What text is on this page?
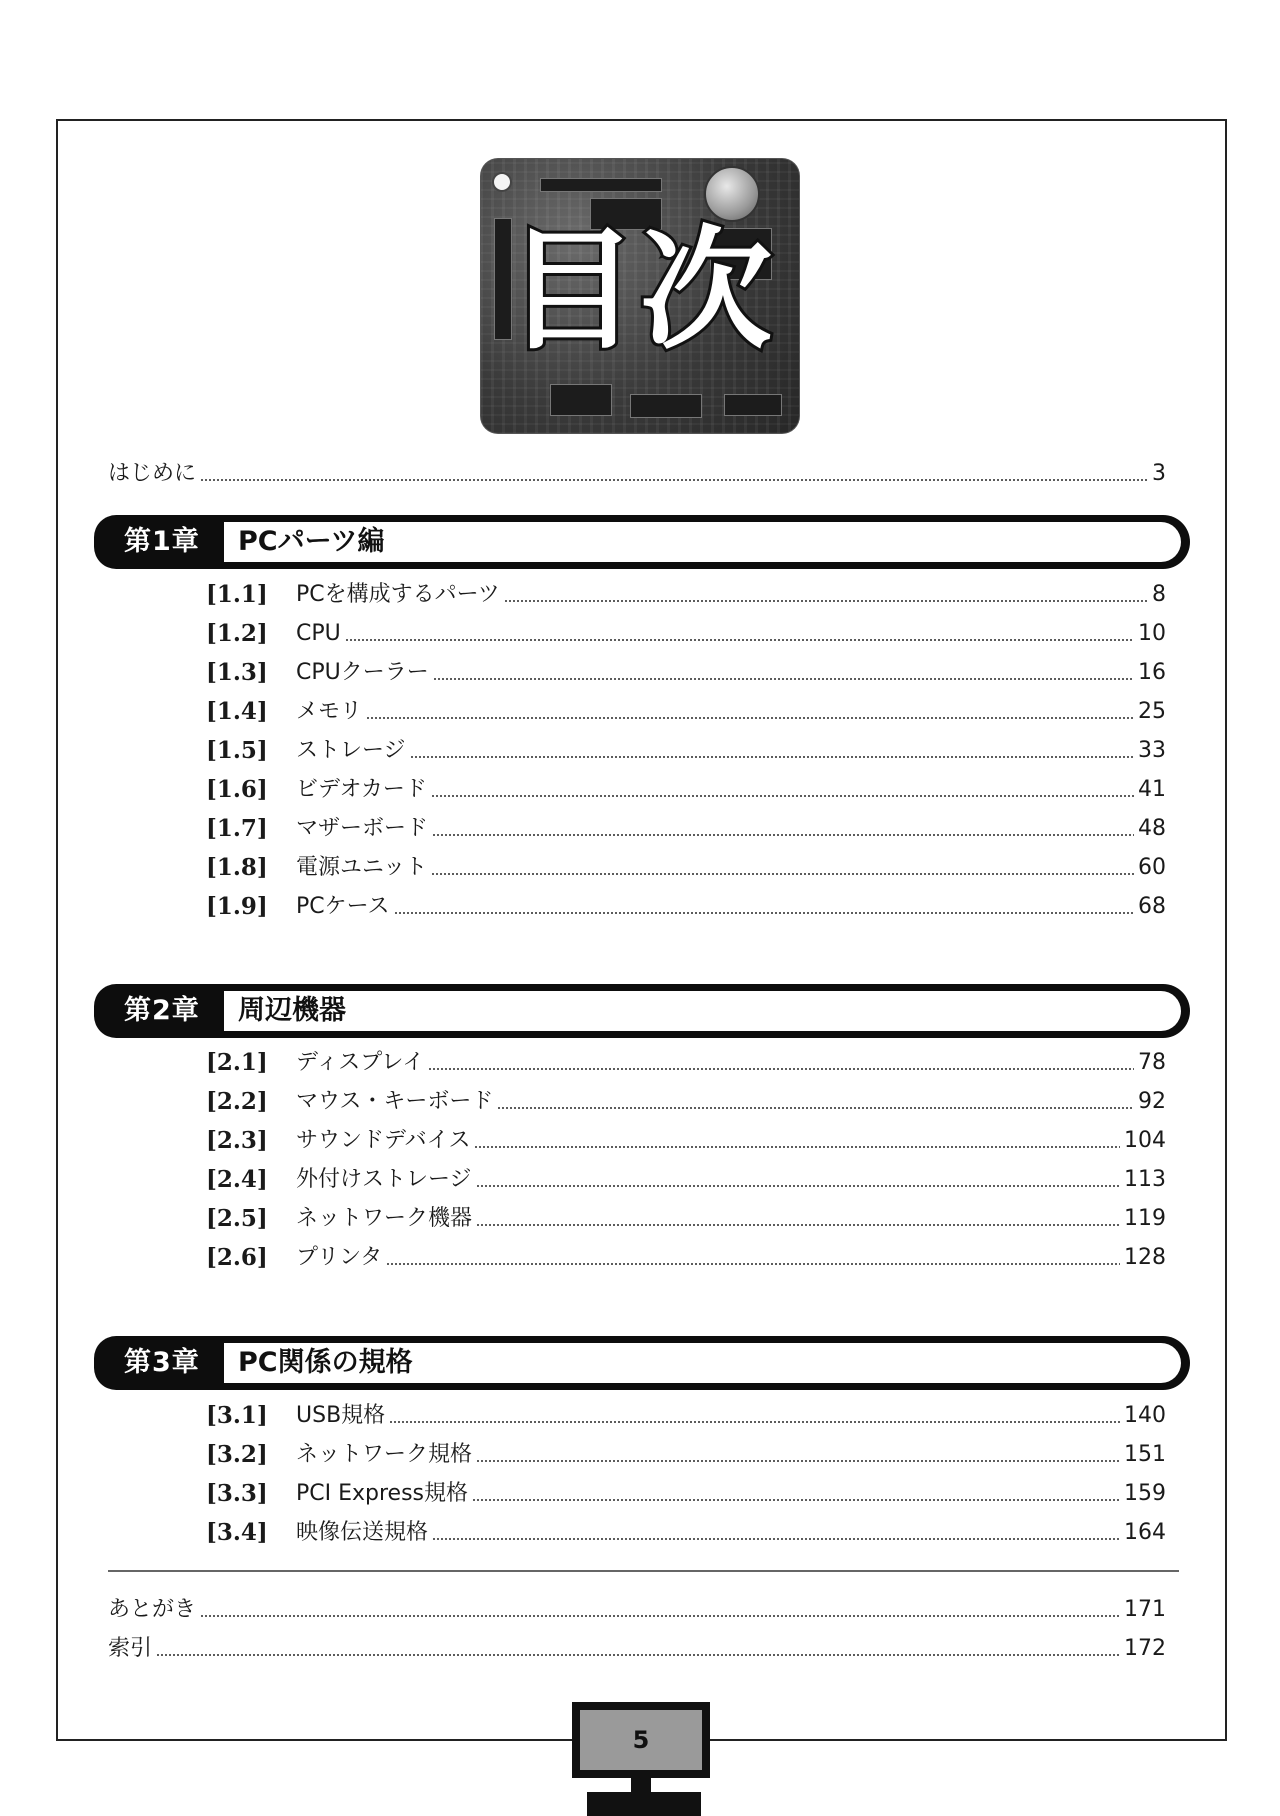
目次
はじめに	3
第1章 PCパーツ編
[1.1]	PCを構成するパーツ	8
[1.2]	CPU	10
[1.3]	CPUクーラー	16
[1.4]	メモリ	25
[1.5]	ストレージ	33
[1.6]	ビデオカード	41
[1.7]	マザーボード	48
[1.8]	電源ユニット	60
[1.9]	PCケース	68
第2章 周辺機器
[2.1]	ディスプレイ	78
[2.2]	マウス・キーボード	92
[2.3]	サウンドデバイス	104
[2.4]	外付けストレージ	113
[2.5]	ネットワーク機器	119
[2.6]	プリンタ	128
第3章 PC関係の規格
[3.1]	USB規格	140
[3.2]	ネットワーク規格	151
[3.3]	PCI Express規格	159
[3.4]	映像伝送規格	164
あとがき	171
索引	172
5
